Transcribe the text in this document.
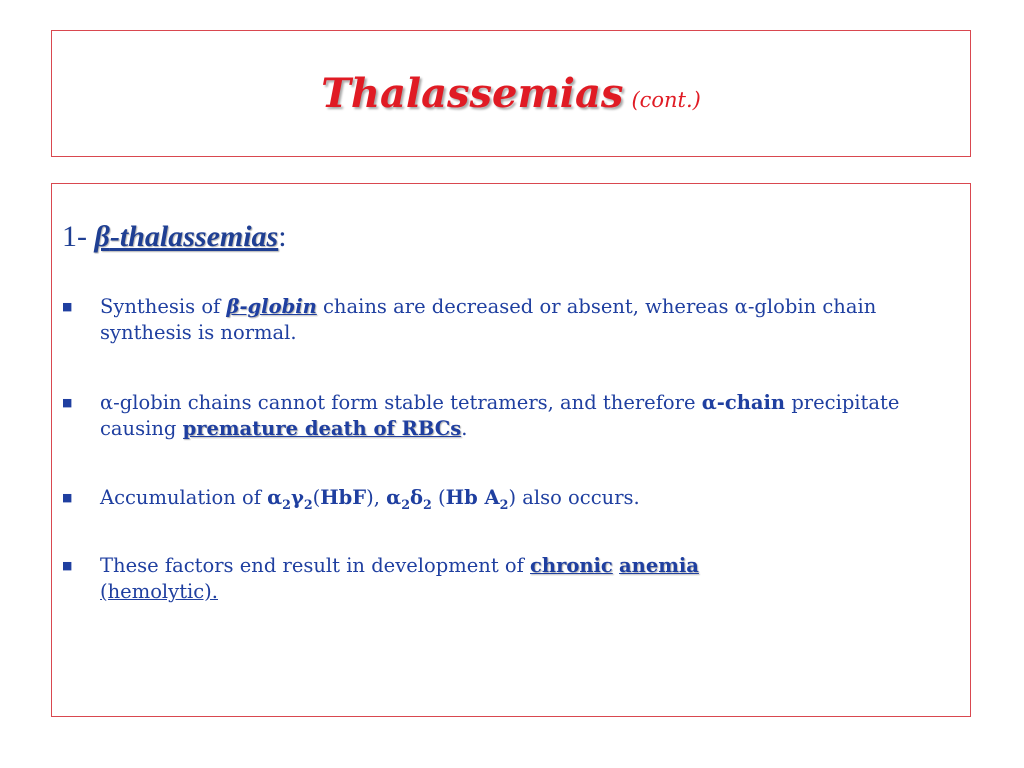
Thalassemias (cont.)
1- β-thalassemias:
■ Synthesis of β-globin chains are decreased or absent, whereas α-globin chain synthesis is normal.
■ α-globin chains cannot form stable tetramers, and therefore α-chain precipitate causing premature death of RBCs.
■ Accumulation of $\alpha_2\gamma_2(HbF)$, $\alpha_2\delta_2$ (Hb $A_2$) also occurs.
■ These factors end result in development of chronic anemia
(hemolytic).
